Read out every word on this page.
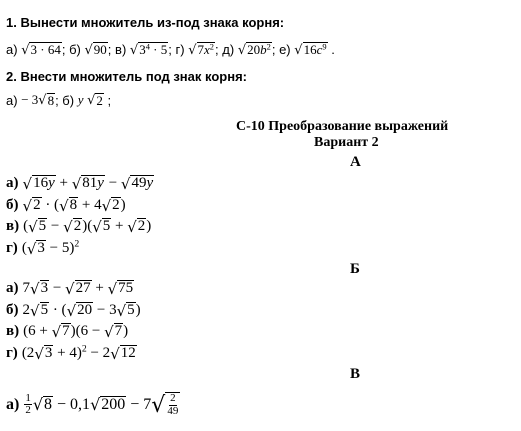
1. Вынести множитель из-под знака корня:
а)
√ 3 · 64 ;
б)
√ 90 ;
в)
√ $3^4 \cdot 5$ ;
г)
√ $7x^2$ ;
д)
√ $20b^2$ ;
е)
√ $16c^9$
.
2. Внести множитель под знак корня:
а)
− 3 √ 8 ; б)
y
√ 2
;
С-10 Преобразование выражений
Вариант 2
А
а) √ 16y + √ 81y − √ 49y
б) √ 2 · ( √ 8 + 4 √ 2 )
в) ( √ 5 − √ 2 )( √ 5 + √ 2 )
г) ( √ 3 − 5)$^2$
Б
а) 7 √ 3 − √ 27 + √ 75
б) 2 √ 5 · ( √ 20 − 3 √ 5 )
в) (6 + √ 7 )(6 − √ 7 )
г) (2 √ 3 + 4)$^2$ − 2 √ 12
В
$а) \frac{1}{2}$ √ 8 − 0,1 √ 200 − 7 √ $\frac{2}{49}$
